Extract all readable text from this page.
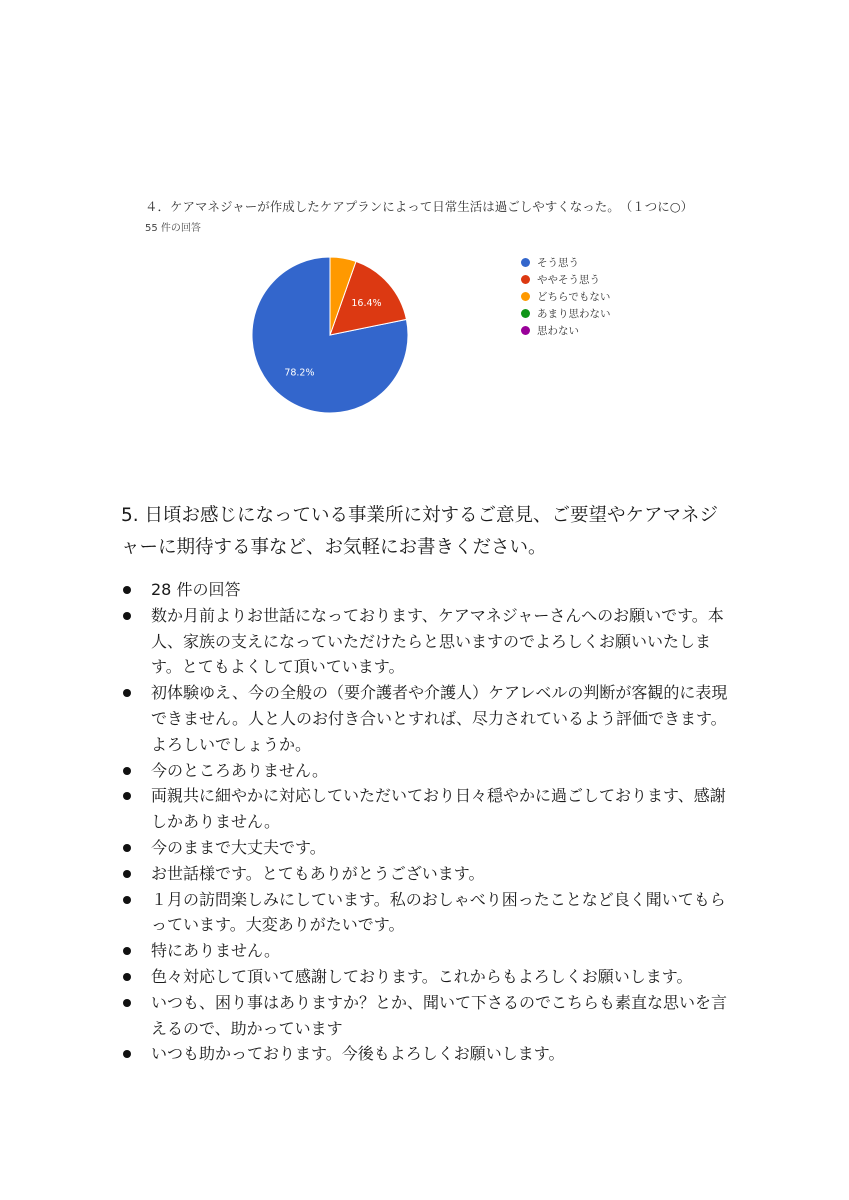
４．ケアマネジャーが作成したケアプランによって日常生活は過ごしやすくなった。　（１つに○）
55 件の回答
78.2%
16.4%
そう思う
ややそう思う
どちらでもない
あまり思わない
思わない
5. 日頃お感じになっている事業所に対するご意見、ご要望やケアマネジャーに期待する事など、お気軽にお書きください。
28 件の回答
数か月前よりお世話になっております、ケアマネジャーさんへのお願いです。本人、家族の支えになっていただけたらと思いますのでよろしくお願いいたします。とてもよくして頂いています。
初体験ゆえ、今の全般の（要介護者や介護人）ケアレベルの判断が客観的に表現できません。人と人のお付き合いとすれば、尽力されているよう評価できます。よろしいでしょうか。
今のところありません。
両親共に細やかに対応していただいており日々穏やかに過ごしております、感謝しかありません。
今のままで大丈夫です。
お世話様です。とてもありがとうございます。
１月の訪問楽しみにしています。私のおしゃべり困ったことなど良く聞いてもらっています。大変ありがたいです。
特にありません。
色々対応して頂いて感謝しております。これからもよろしくお願いします。
いつも、困り事はありますか？とか、聞いて下さるのでこちらも素直な思いを言えるので、助かっています
いつも助かっております。今後もよろしくお願いします。
